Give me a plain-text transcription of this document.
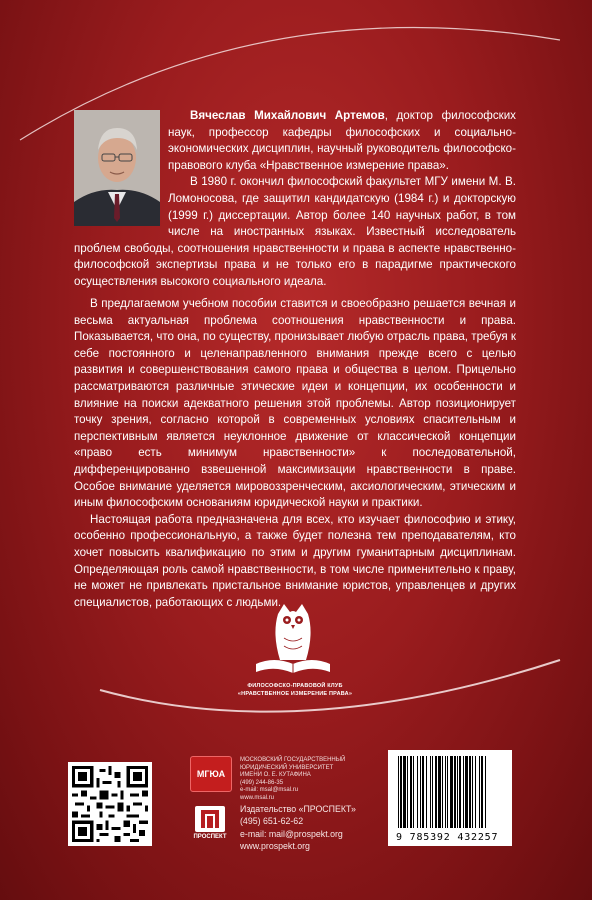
Вячеслав Михайлович Артемов, доктор философских наук, профессор кафедры философских и социально-экономических дисциплин, научный руководитель философско-правового клуба «Нравственное измерение права».

В 1980 г. окончил философский факультет МГУ имени М. В. Ломоносова, где защитил кандидатскую (1984 г.) и докторскую (1999 г.) диссертации. Автор более 140 научных работ, в том числе на иностранных языках. Известный исследователь проблем свободы, соотношения нравственности и права в аспекте нравственно-философской экспертизы права и не только его в парадигме практического осуществления высокого социального идеала.

В предлагаемом учебном пособии ставится и своеобразно решается вечная и весьма актуальная проблема соотношения нравственности и права. Показывается, что она, по существу, пронизывает любую отрасль права, требуя к себе постоянного и целенаправленного внимания прежде всего с целью развития и совершенствования самого права и общества в целом. Прицельно рассматриваются различные этические идеи и концепции, их особенности и влияние на поиски адекватного решения этой проблемы. Автор позиционирует точку зрения, согласно которой в современных условиях спасительным и перспективным является неуклонное движение от классической концепции «право есть минимум нравственности» к последовательной, дифференцированно взвешенной максимизации нравственности в праве. Особое внимание уделяется мировоззренческим, аксиологическим, этическим и иным философским основаниям юридической науки и практики.

Настоящая работа предназначена для всех, кто изучает философию и этику, особенно профессиональную, а также будет полезна тем преподавателям, кто хочет повысить квалификацию по этим и другим гуманитарным дисциплинам. Определяющая роль самой нравственности, в том числе применительно к праву, не может не привлекать пристальное внимание юристов, управленцев и других специалистов, работающих с людьми.

ФИЛОСОФСКО-ПРАВОВОЙ КЛУБ
«НРАВСТВЕННОЕ ИЗМЕРЕНИЕ ПРАВА»
МГЮА
МОСКОВСКИЙ ГОСУДАРСТВЕННЫЙ
ЮРИДИЧЕСКИЙ УНИВЕРСИТЕТ
ИМЕНИ О. Е. КУТАФИНА
(499) 244-86-35
e-mail: msal@msal.ru
www.msal.ru
ПРОСПЕКТ
Издательство «ПРОСПЕКТ»
(495) 651-62-62
e-mail: mail@prospekt.org
www.prospekt.org
9 785392 432257
